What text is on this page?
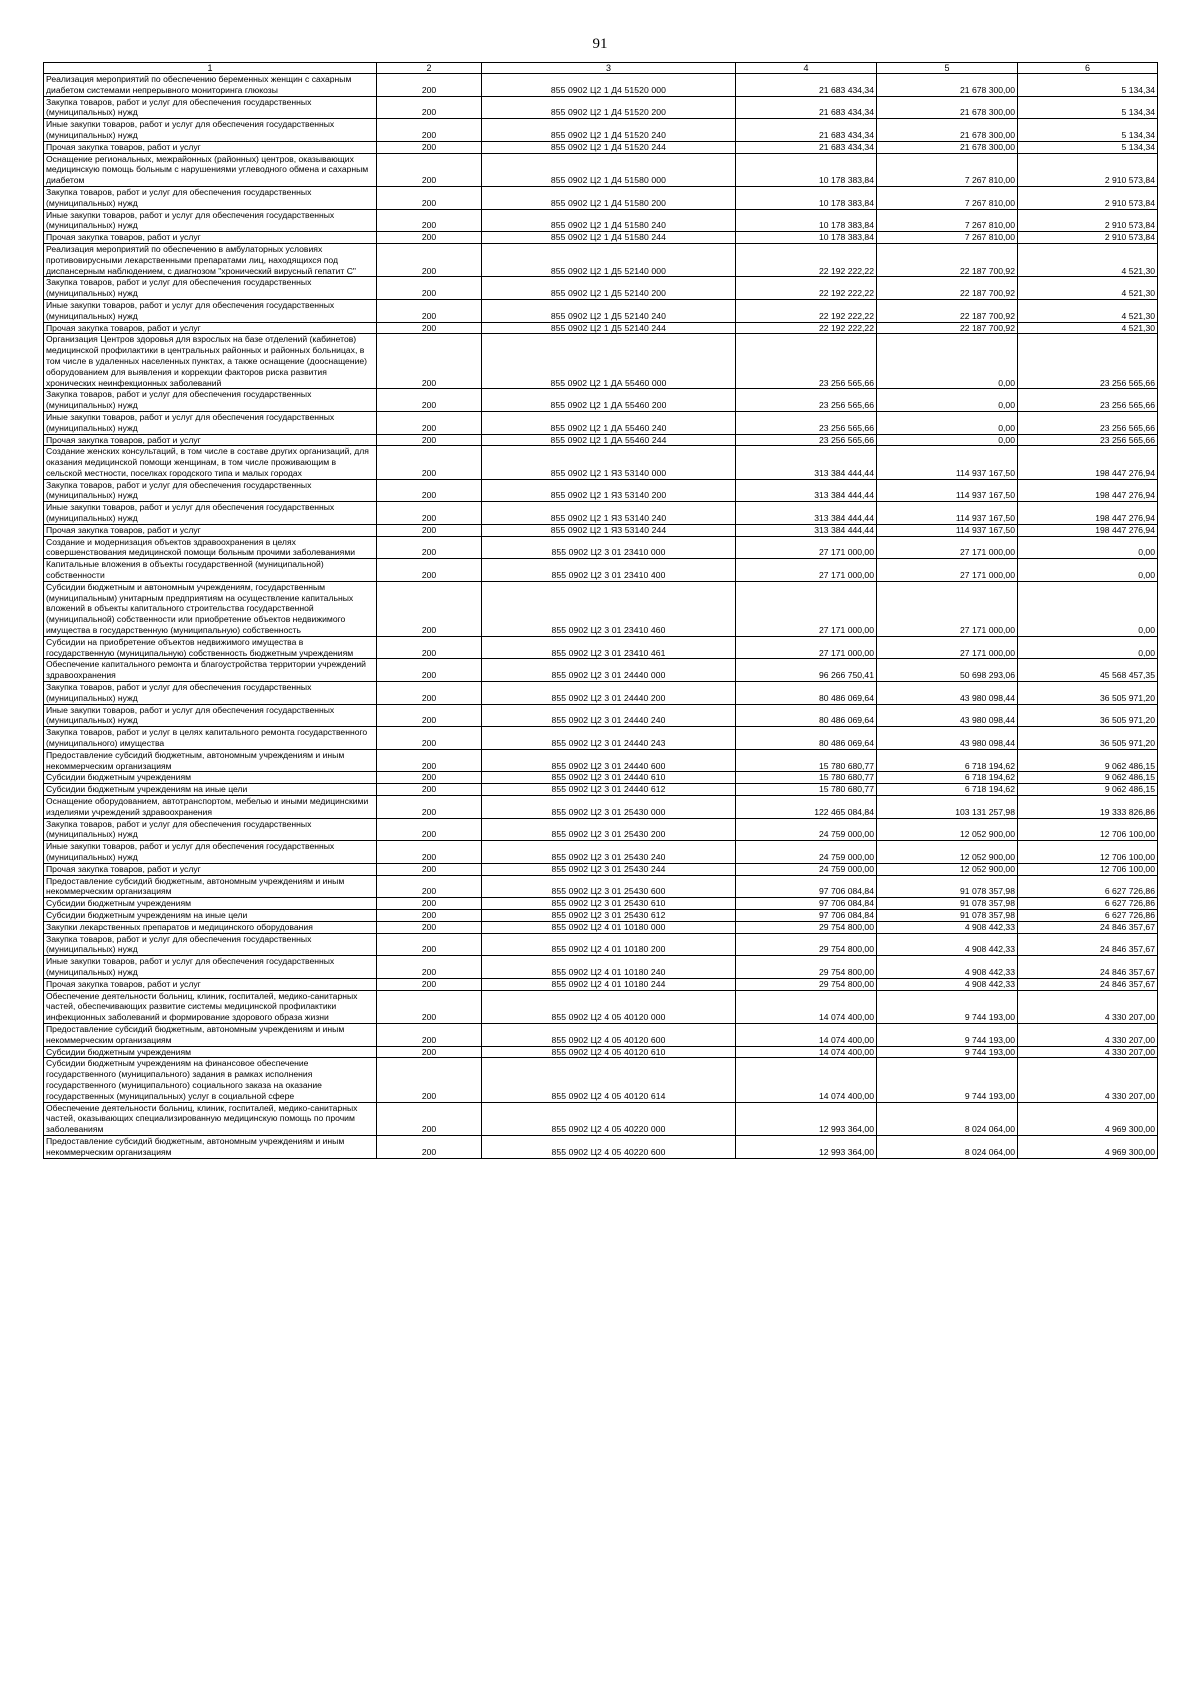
91
1	2	3	4	5	6
Реализация мероприятий по обеспечению беременных женщин с сахарным диабетом системами непрерывного мониторинга глюкозы	200	855 0902 Ц2 1 Д4 51520 000	21 683 434,34	21 678 300,00	5 134,34
Закупка товаров, работ и услуг для обеспечения государственных (муниципальных) нужд	200	855 0902 Ц2 1 Д4 51520 200	21 683 434,34	21 678 300,00	5 134,34
Иные закупки товаров, работ и услуг для обеспечения государственных (муниципальных) нужд	200	855 0902 Ц2 1 Д4 51520 240	21 683 434,34	21 678 300,00	5 134,34
Прочая закупка товаров, работ и услуг	200	855 0902 Ц2 1 Д4 51520 244	21 683 434,34	21 678 300,00	5 134,34
Оснащение региональных, межрайонных (районных) центров, оказывающих медицинскую помощь больным с нарушениями углеводного обмена и сахарным диабетом	200	855 0902 Ц2 1 Д4 51580 000	10 178 383,84	7 267 810,00	2 910 573,84
Закупка товаров, работ и услуг для обеспечения государственных (муниципальных) нужд	200	855 0902 Ц2 1 Д4 51580 200	10 178 383,84	7 267 810,00	2 910 573,84
Иные закупки товаров, работ и услуг для обеспечения государственных (муниципальных) нужд	200	855 0902 Ц2 1 Д4 51580 240	10 178 383,84	7 267 810,00	2 910 573,84
Прочая закупка товаров, работ и услуг	200	855 0902 Ц2 1 Д4 51580 244	10 178 383,84	7 267 810,00	2 910 573,84
Реализация мероприятий по обеспечению в амбулаторных условиях противовирусными лекарственными препаратами лиц, находящихся под диспансерным наблюдением, с диагнозом "хронический вирусный гепатит C"	200	855 0902 Ц2 1 Д5 52140 000	22 192 222,22	22 187 700,92	4 521,30
Закупка товаров, работ и услуг для обеспечения государственных (муниципальных) нужд	200	855 0902 Ц2 1 Д5 52140 200	22 192 222,22	22 187 700,92	4 521,30
Иные закупки товаров, работ и услуг для обеспечения государственных (муниципальных) нужд	200	855 0902 Ц2 1 Д5 52140 240	22 192 222,22	22 187 700,92	4 521,30
Прочая закупка товаров, работ и услуг	200	855 0902 Ц2 1 Д5 52140 244	22 192 222,22	22 187 700,92	4 521,30
Организация Центров здоровья для взрослых на базе отделений (кабинетов) медицинской профилактики в центральных районных и районных больницах, в том числе в удаленных населенных пунктах, а также оснащение (дооснащение) оборудованием для выявления и коррекции факторов риска развития хронических неинфекционных заболеваний	200	855 0902 Ц2 1 ДА 55460 000	23 256 565,66	0,00	23 256 565,66
Закупка товаров, работ и услуг для обеспечения государственных (муниципальных) нужд	200	855 0902 Ц2 1 ДА 55460 200	23 256 565,66	0,00	23 256 565,66
Иные закупки товаров, работ и услуг для обеспечения государственных (муниципальных) нужд	200	855 0902 Ц2 1 ДА 55460 240	23 256 565,66	0,00	23 256 565,66
Прочая закупка товаров, работ и услуг	200	855 0902 Ц2 1 ДА 55460 244	23 256 565,66	0,00	23 256 565,66
Создание женских консультаций, в том числе в составе других организаций, для оказания медицинской помощи женщинам, в том числе проживающим в сельской местности, поселках городского типа и малых городах	200	855 0902 Ц2 1 Я3 53140 000	313 384 444,44	114 937 167,50	198 447 276,94
Закупка товаров, работ и услуг для обеспечения государственных (муниципальных) нужд	200	855 0902 Ц2 1 Я3 53140 200	313 384 444,44	114 937 167,50	198 447 276,94
Иные закупки товаров, работ и услуг для обеспечения государственных (муниципальных) нужд	200	855 0902 Ц2 1 Я3 53140 240	313 384 444,44	114 937 167,50	198 447 276,94
Прочая закупка товаров, работ и услуг	200	855 0902 Ц2 1 Я3 53140 244	313 384 444,44	114 937 167,50	198 447 276,94
Создание и модернизация объектов здравоохранения в целях совершенствования медицинской помощи больным прочими заболеваниями	200	855 0902 Ц2 3 01 23410 000	27 171 000,00	27 171 000,00	0,00
Капитальные вложения в объекты государственной (муниципальной) собственности	200	855 0902 Ц2 3 01 23410 400	27 171 000,00	27 171 000,00	0,00
Субсидии бюджетным и автономным учреждениям, государственным (муниципальным) унитарным предприятиям на осуществление капитальных вложений в объекты капитального строительства государственной (муниципальной) собственности или приобретение объектов недвижимого имущества в государственную (муниципальную) собственность	200	855 0902 Ц2 3 01 23410 460	27 171 000,00	27 171 000,00	0,00
Субсидии на приобретение объектов недвижимого имущества в государственную (муниципальную) собственность бюджетным учреждениям	200	855 0902 Ц2 3 01 23410 461	27 171 000,00	27 171 000,00	0,00
Обеспечение капитального ремонта и благоустройства территории учреждений здравоохранения	200	855 0902 Ц2 3 01 24440 000	96 266 750,41	50 698 293,06	45 568 457,35
Закупка товаров, работ и услуг для обеспечения государственных (муниципальных) нужд	200	855 0902 Ц2 3 01 24440 200	80 486 069,64	43 980 098,44	36 505 971,20
Иные закупки товаров, работ и услуг для обеспечения государственных (муниципальных) нужд	200	855 0902 Ц2 3 01 24440 240	80 486 069,64	43 980 098,44	36 505 971,20
Закупка товаров, работ и услуг в целях капитального ремонта государственного (муниципального) имущества	200	855 0902 Ц2 3 01 24440 243	80 486 069,64	43 980 098,44	36 505 971,20
Предоставление субсидий бюджетным, автономным учреждениям и иным некоммерческим организациям	200	855 0902 Ц2 3 01 24440 600	15 780 680,77	6 718 194,62	9 062 486,15
Субсидии бюджетным учреждениям	200	855 0902 Ц2 3 01 24440 610	15 780 680,77	6 718 194,62	9 062 486,15
Субсидии бюджетным учреждениям на иные цели	200	855 0902 Ц2 3 01 24440 612	15 780 680,77	6 718 194,62	9 062 486,15
Оснащение оборудованием, автотранспортом, мебелью и иными медицинскими изделиями учреждений здравоохранения	200	855 0902 Ц2 3 01 25430 000	122 465 084,84	103 131 257,98	19 333 826,86
Закупка товаров, работ и услуг для обеспечения государственных (муниципальных) нужд	200	855 0902 Ц2 3 01 25430 200	24 759 000,00	12 052 900,00	12 706 100,00
Иные закупки товаров, работ и услуг для обеспечения государственных (муниципальных) нужд	200	855 0902 Ц2 3 01 25430 240	24 759 000,00	12 052 900,00	12 706 100,00
Прочая закупка товаров, работ и услуг	200	855 0902 Ц2 3 01 25430 244	24 759 000,00	12 052 900,00	12 706 100,00
Предоставление субсидий бюджетным, автономным учреждениям и иным некоммерческим организациям	200	855 0902 Ц2 3 01 25430 600	97 706 084,84	91 078 357,98	6 627 726,86
Субсидии бюджетным учреждениям	200	855 0902 Ц2 3 01 25430 610	97 706 084,84	91 078 357,98	6 627 726,86
Субсидии бюджетным учреждениям на иные цели	200	855 0902 Ц2 3 01 25430 612	97 706 084,84	91 078 357,98	6 627 726,86
Закупки лекарственных препаратов и медицинского оборудования	200	855 0902 Ц2 4 01 10180 000	29 754 800,00	4 908 442,33	24 846 357,67
Закупка товаров, работ и услуг для обеспечения государственных (муниципальных) нужд	200	855 0902 Ц2 4 01 10180 200	29 754 800,00	4 908 442,33	24 846 357,67
Иные закупки товаров, работ и услуг для обеспечения государственных (муниципальных) нужд	200	855 0902 Ц2 4 01 10180 240	29 754 800,00	4 908 442,33	24 846 357,67
Прочая закупка товаров, работ и услуг	200	855 0902 Ц2 4 01 10180 244	29 754 800,00	4 908 442,33	24 846 357,67
Обеспечение деятельности больниц, клиник, госпиталей, медико-санитарных частей, обеспечивающих развитие системы медицинской профилактики инфекционных заболеваний и формирование здорового образа жизни	200	855 0902 Ц2 4 05 40120 000	14 074 400,00	9 744 193,00	4 330 207,00
Предоставление субсидий бюджетным, автономным учреждениям и иным некоммерческим организациям	200	855 0902 Ц2 4 05 40120 600	14 074 400,00	9 744 193,00	4 330 207,00
Субсидии бюджетным учреждениям	200	855 0902 Ц2 4 05 40120 610	14 074 400,00	9 744 193,00	4 330 207,00
Субсидии бюджетным учреждениям на финансовое обеспечение государственного (муниципального) задания в рамках исполнения государственного (муниципального) социального заказа на оказание государственных (муниципальных) услуг в социальной сфере	200	855 0902 Ц2 4 05 40120 614	14 074 400,00	9 744 193,00	4 330 207,00
Обеспечение деятельности больниц, клиник, госпиталей, медико-санитарных частей, оказывающих специализированную медицинскую помощь по прочим заболеваниям	200	855 0902 Ц2 4 05 40220 000	12 993 364,00	8 024 064,00	4 969 300,00
Предоставление субсидий бюджетным, автономным учреждениям и иным некоммерческим организациям	200	855 0902 Ц2 4 05 40220 600	12 993 364,00	8 024 064,00	4 969 300,00
